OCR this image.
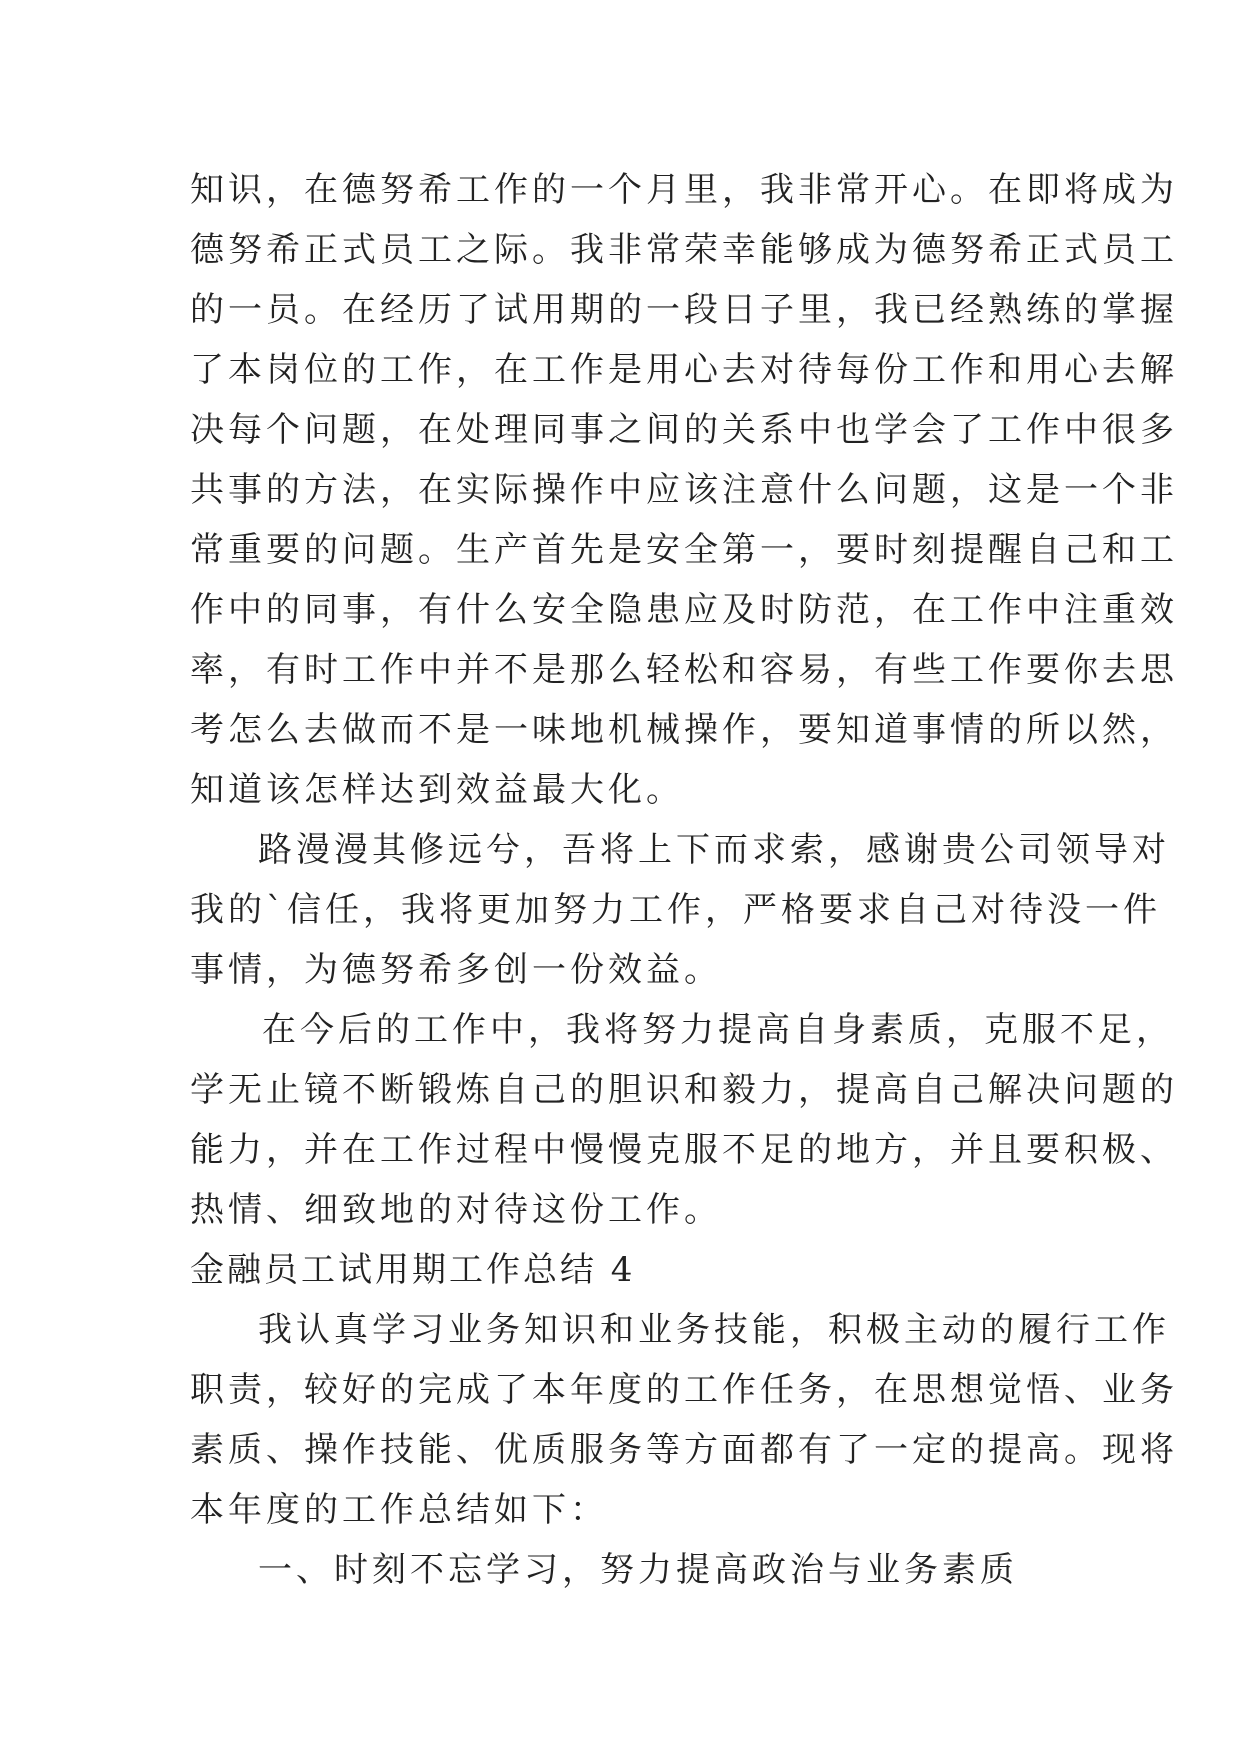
知识，在德努希工作的一个月里，我非常开心。在即将成为
德努希正式员工之际。我非常荣幸能够成为德努希正式员工
的一员。在经历了试用期的一段日子里，我已经熟练的掌握
了本岗位的工作，在工作是用心去对待每份工作和用心去解
决每个问题，在处理同事之间的关系中也学会了工作中很多
共事的方法，在实际操作中应该注意什么问题，这是一个非
常重要的问题。生产首先是安全第一，要时刻提醒自己和工
作中的同事，有什么安全隐患应及时防范，在工作中注重效
率，有时工作中并不是那么轻松和容易，有些工作要你去思
考怎么去做而不是一味地机械操作，要知道事情的所以然，
知道该怎样达到效益最大化。
路漫漫其修远兮，吾将上下而求索，感谢贵公司领导对
我的`信任，我将更加努力工作，严格要求自己对待没一件
事情，为德努希多创一份效益。
在今后的工作中，我将努力提高自身素质，克服不足，
学无止镜不断锻炼自己的胆识和毅力，提高自己解决问题的
能力，并在工作过程中慢慢克服不足的地方，并且要积极、
热情、细致地的对待这份工作。
金融员工试用期工作总结 4
我认真学习业务知识和业务技能，积极主动的履行工作
职责，较好的完成了本年度的工作任务，在思想觉悟、业务
素质、操作技能、优质服务等方面都有了一定的提高。现将
本年度的工作总结如下：
一、时刻不忘学习，努力提高政治与业务素质
